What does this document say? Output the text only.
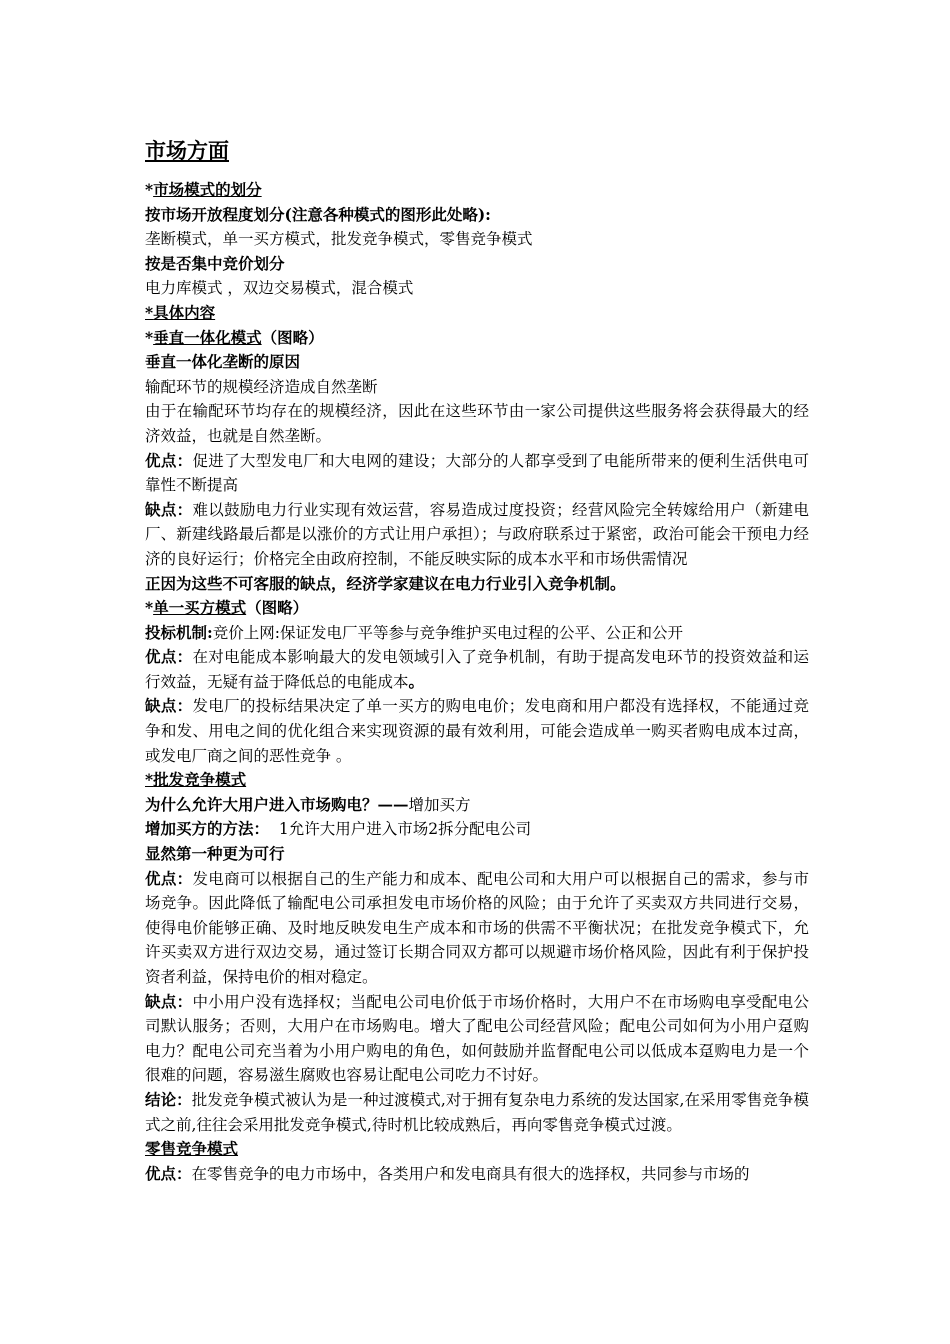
市场方面

*市场模式的划分

按市场开放程度划分(注意各种模式的图形此处略):

垄断模式，单一买方模式，批发竞争模式，零售竞争模式

按是否集中竞价划分

电力库模式 ，双边交易模式，混合模式

*具体内容

*垂直一体化模式（图略）

垂直一体化垄断的原因

输配环节的规模经济造成自然垄断

由于在输配环节均存在的规模经济，因此在这些环节由一家公司提供这些服务将会获得最大的经济效益，也就是自然垄断。

优点：促进了大型发电厂和大电网的建设；大部分的人都享受到了电能所带来的便利生活供电可靠性不断提高

缺点：难以鼓励电力行业实现有效运营，容易造成过度投资；经营风险完全转嫁给用户（新建电厂、新建线路最后都是以涨价的方式让用户承担）；与政府联系过于紧密，政治可能会干预电力经济的良好运行；价格完全由政府控制，不能反映实际的成本水平和市场供需情况

正因为这些不可客服的缺点，经济学家建议在电力行业引入竞争机制。

*单一买方模式（图略）

投标机制:竞价上网:保证发电厂平等参与竞争维护买电过程的公平、公正和公开

优点：在对电能成本影响最大的发电领域引入了竞争机制，有助于提高发电环节的投资效益和运行效益，无疑有益于降低总的电能成本。

缺点：发电厂的投标结果决定了单一买方的购电电价；发电商和用户都没有选择权，不能通过竞争和发、用电之间的优化组合来实现资源的最有效利用，可能会造成单一购买者购电成本过高，或发电厂商之间的恶性竞争 。

*批发竞争模式

为什么允许大用户进入市场购电？——增加买方

增加买方的方法：  1允许大用户进入市场2拆分配电公司

显然第一种更为可行

优点：发电商可以根据自己的生产能力和成本、配电公司和大用户可以根据自己的需求，参与市场竞争。因此降低了输配电公司承担发电市场价格的风险；由于允许了买卖双方共同进行交易，使得电价能够正确、及时地反映发电生产成本和市场的供需不平衡状况；在批发竞争模式下，允许买卖双方进行双边交易，通过签订长期合同双方都可以规避市场价格风险，因此有利于保护投资者利益，保持电价的相对稳定。

缺点：中小用户没有选择权；当配电公司电价低于市场价格时，大用户不在市场购电享受配电公司默认服务；否则，大用户在市场购电。增大了配电公司经营风险；配电公司如何为小用户趸购电力？配电公司充当着为小用户购电的角色，如何鼓励并监督配电公司以低成本趸购电力是一个很难的问题，容易滋生腐败也容易让配电公司吃力不讨好。

结论：批发竞争模式被认为是一种过渡模式,对于拥有复杂电力系统的发达国家,在采用零售竞争模式之前,往往会采用批发竞争模式,待时机比较成熟后，再向零售竞争模式过渡。

零售竞争模式

优点：在零售竞争的电力市场中，各类用户和发电商具有很大的选择权，共同参与市场的
